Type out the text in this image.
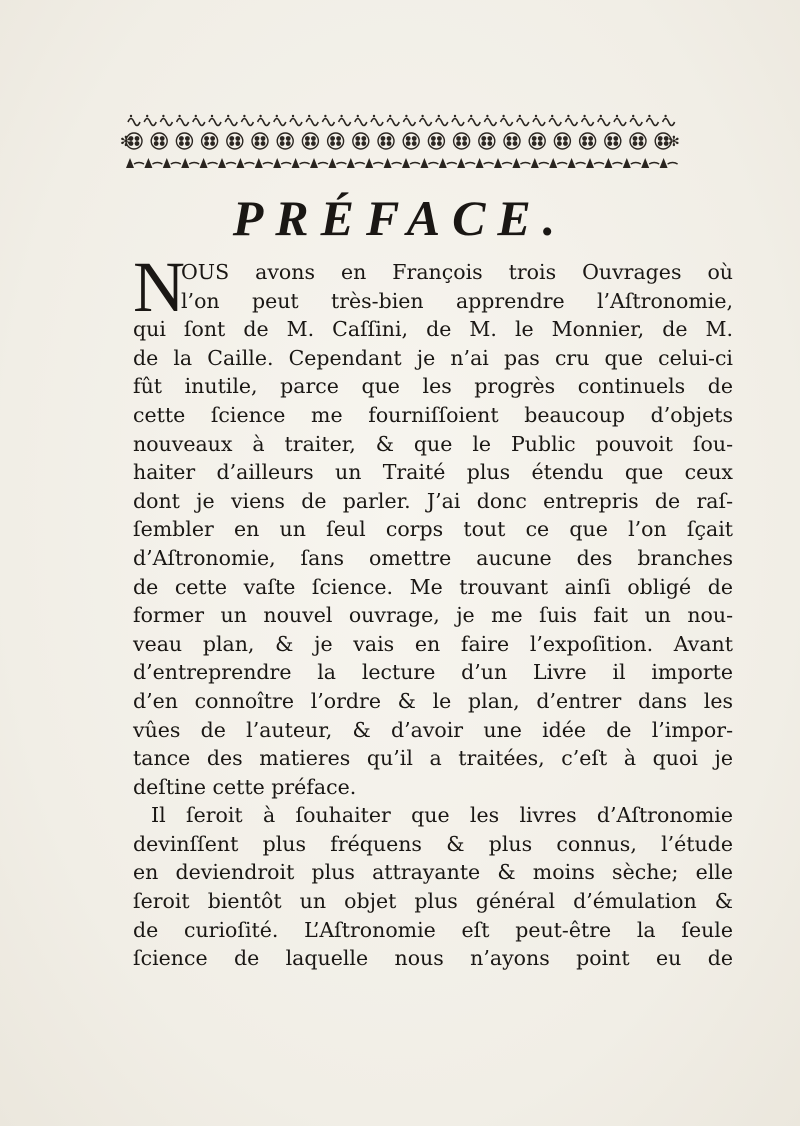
✻	✻
PRÉFACE.
N
OUS avons en François trois Ouvrages où
l’on peut très-bien apprendre l’Aſtronomie,
qui ſont de M. Caſſini, de M. le Monnier, de M.
de la Caille. Cependant je n’ai pas cru que celui-ci
fût inutile, parce que les progrès continuels de
cette ſcience me fourniſſoient beaucoup d’objets
nouveaux à traiter, & que le Public pouvoit ſou-
haiter d’ailleurs un Traité plus étendu que ceux
dont je viens de parler. J’ai donc entrepris de raſ-
ſembler en un ſeul corps tout ce que l’on ſçait
d’Aſtronomie, ſans omettre aucune des branches
de cette vaſte ſcience. Me trouvant ainſi obligé de
former un nouvel ouvrage, je me ſuis fait un nou-
veau plan, & je vais en faire l’expoſition. Avant
d’entreprendre la lecture d’un Livre il importe
d’en connoître l’ordre & le plan, d’entrer dans les
vûes de l’auteur, & d’avoir une idée de l’impor-
tance des matieres qu’il a traitées, c’eſt à quoi je
deſtine cette préface.
Il ſeroit à ſouhaiter que les livres d’Aſtronomie
devinſſent plus fréquens & plus connus, l’étude
en deviendroit plus attrayante & moins sèche; elle
ſeroit bientôt un objet plus général d’émulation &
de curioſité. L’Aſtronomie eſt peut-être la ſeule
ſcience de laquelle nous n’ayons point eu de
